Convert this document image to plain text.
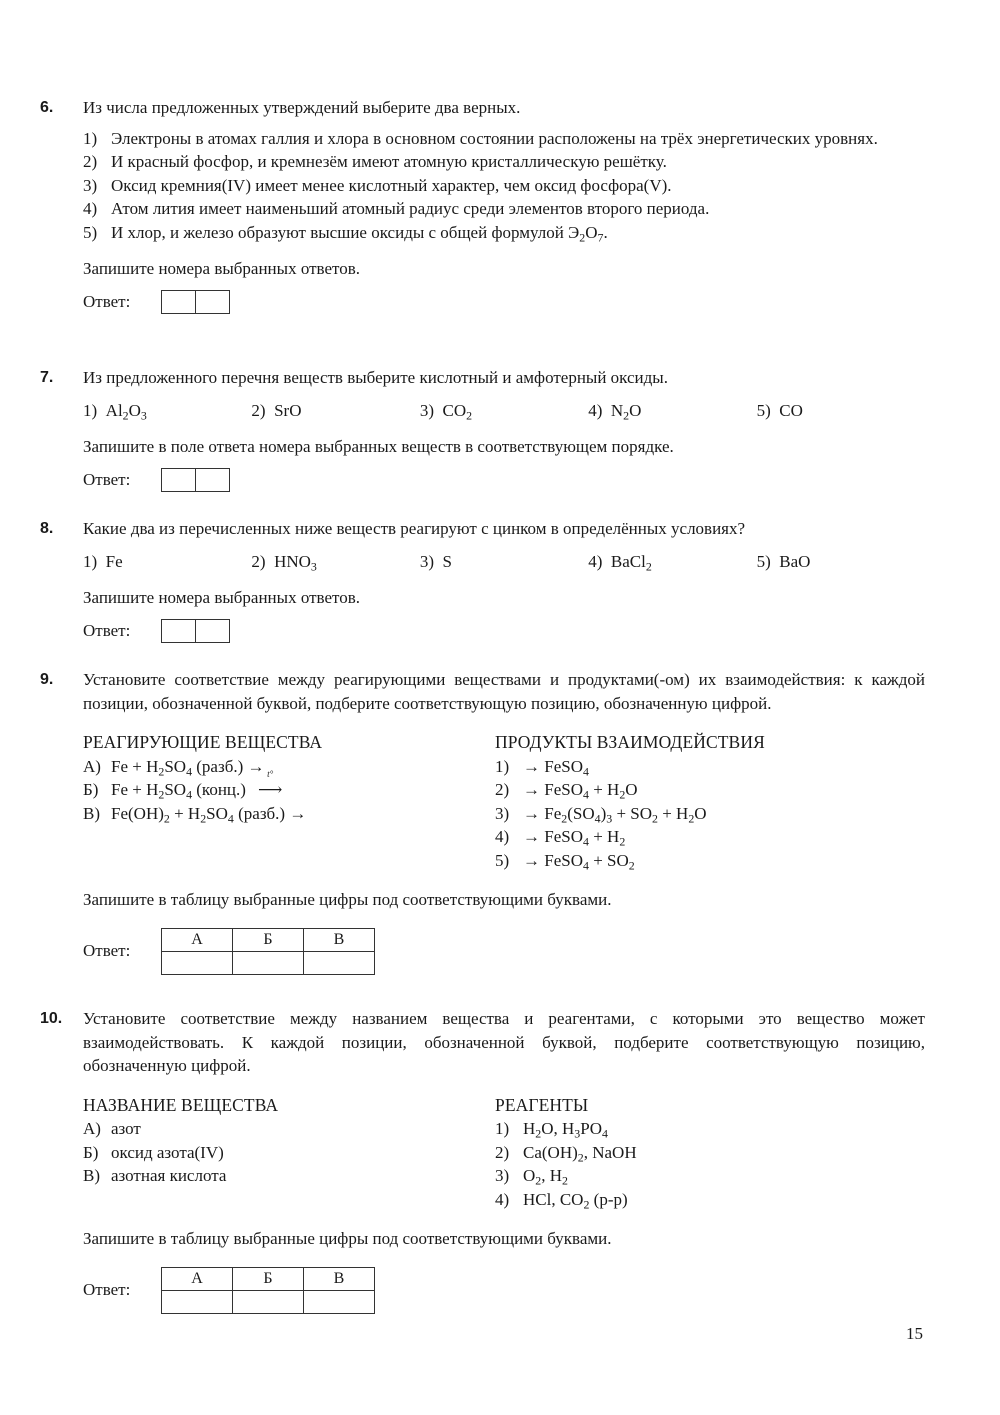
6.	Из числа предложенных утверждений выберите два верных.
1) Электроны в атомах галлия и хлора в основном состоянии расположены на трёх энергетических уровнях.
2) И красный фосфор, и кремнезём имеют атомную кристаллическую решётку.
3) Оксид кремния(IV) имеет менее кислотный характер, чем оксид фосфора(V).
4) Атом лития имеет наименьший атомный радиус среди элементов второго периода.
5) И хлор, и железо образуют высшие оксиды с общей формулой $Э_2O_7$.
Запишите номера выбранных ответов.
Ответ:
7.	Из предложенного перечня веществ выберите кислотный и амфотерный оксиды.
1) $Al_2O_3$	2) SrO	3) $CO_2$	4) $N_2O$	5) CO
Запишите в поле ответа номера выбранных веществ в соответствующем порядке.
Ответ:
8.	Какие два из перечисленных ниже веществ реагируют с цинком в определённых условиях?
1) Fe	2) $HNO_3$	3) S	4) BaCl$_2$	5) BaO
Запишите номера выбранных ответов.
Ответ:
9.	Установите соответствие между реагирующими веществами и продуктами(-ом) их взаимодействия: к каждой позиции, обозначенной буквой, подберите соответствующую позицию, обозначенную цифрой.
РЕАГИРУЮЩИЕ ВЕЩЕСТВА
А) $Fe + H_2SO_4$ (разб.) →
Б) $Fe + H_2SO_4$ (конц.)
t°
⟶
В) $Fe(OH)_2 + H_2SO_4$ (разб.) →
ПРОДУКТЫ ВЗАИМОДЕЙСТВИЯ
1) → FeSO$_4$
2) → FeSO$_4$ + $H_2O$
$3) \to Fe_2(SO_4)_3 + SO_2 + H_2O$
4) → FeSO$_4$ + $H_2$
5) → FeSO$_4$ + $SO_2$
Запишите в таблицу выбранные цифры под соответствующими буквами.
Ответ:
А	Б	В

10.	Установите соответствие между названием вещества и реагентами, с которыми это вещество может взаимодействовать. К каждой позиции, обозначенной буквой, подберите соответствующую позицию, обозначенную цифрой.
НАЗВАНИЕ ВЕЩЕСТВА
А) азот
Б) оксид азота(IV)
В) азотная кислота
РЕАГЕНТЫ
1) $H_2O$, $H_3PO_4$
2) $Ca(OH)_2$, NaOH
3) $O_2$, $H_2$
4) HCl, $CO_2$ (р-р)
Запишите в таблицу выбранные цифры под соответствующими буквами.
Ответ:
А	Б	В

15
